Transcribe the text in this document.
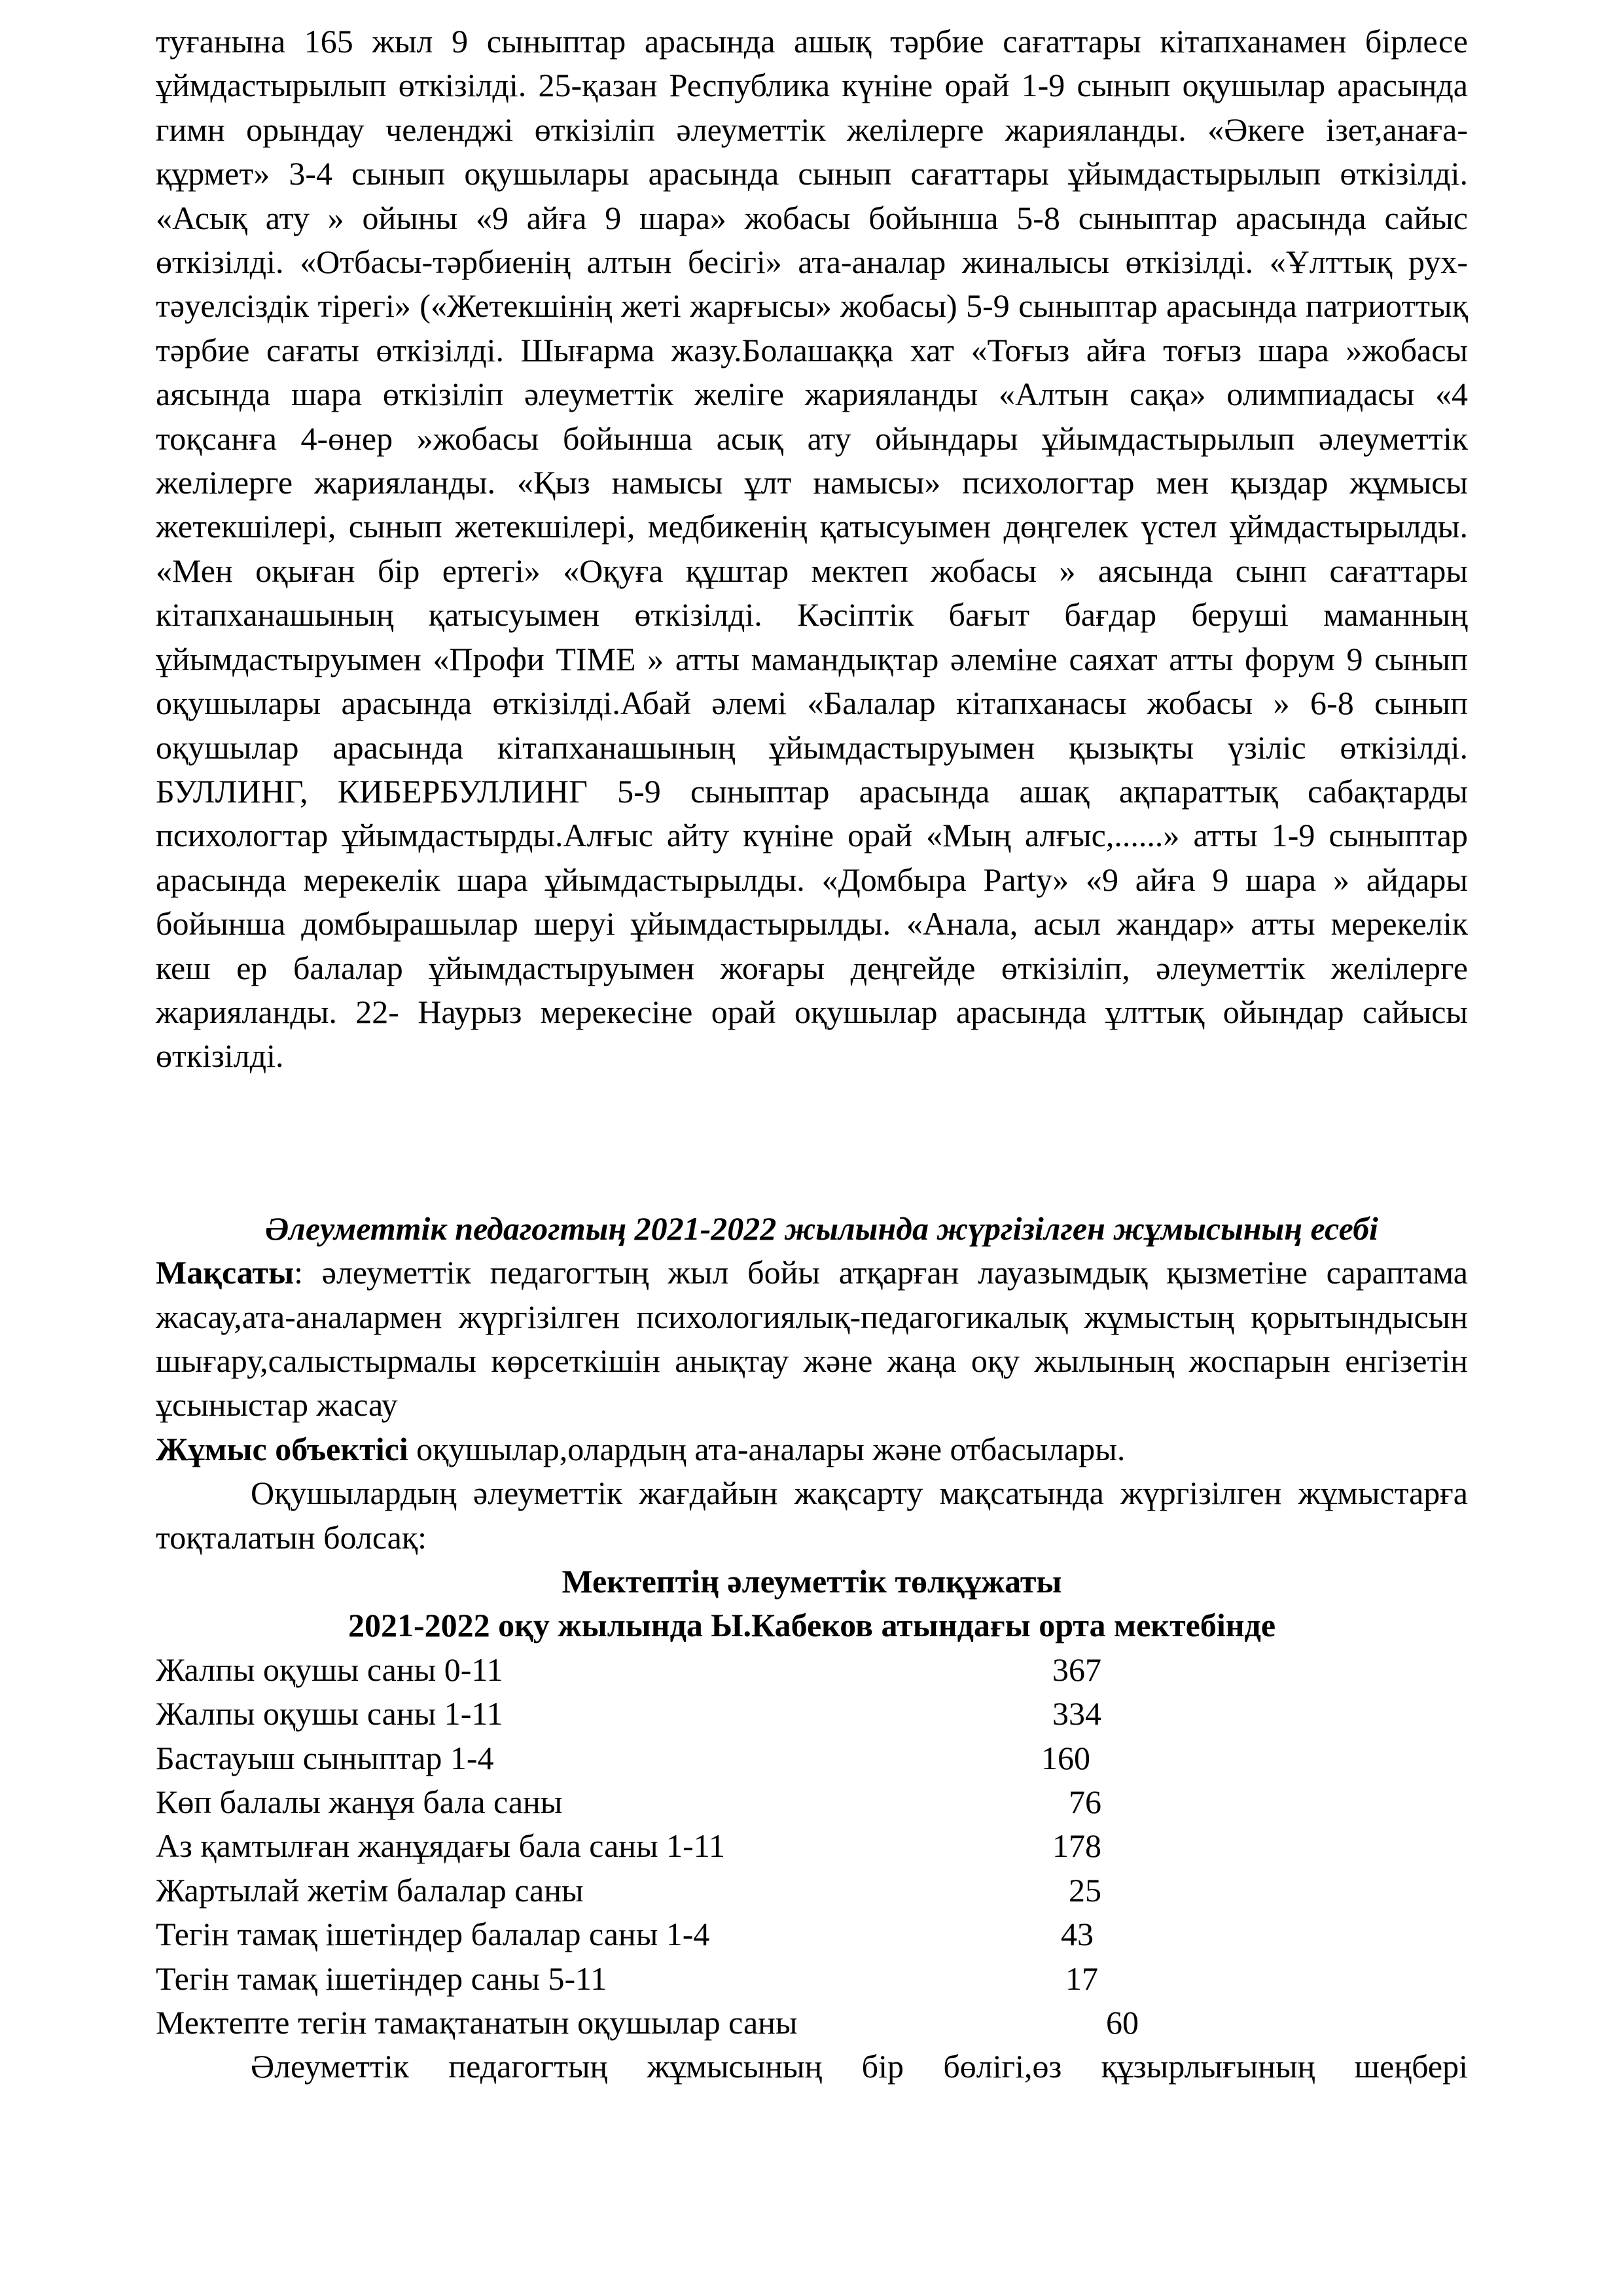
туғанына 165 жыл 9 сыныптар арасында ашық тәрбие сағаттары кітапханамен бірлесе ұймдастырылып өткізілді. 25-қазан Республика күніне орай 1-9 сынып оқушылар арасында гимн орындау челенджі өткізіліп әлеуметтік желілерге жарияланды. «Әкеге ізет,анаға-құрмет» 3-4 сынып оқушылары арасында сынып сағаттары ұйымдастырылып өткізілді. «Асық ату » ойыны «9 айға 9 шара» жобасы бойынша 5-8 сыныптар арасында сайыс өткізілді. «Отбасы-тәрбиенің алтын бесігі» ата-аналар жиналысы өткізілді. «Ұлттық рух-тәуелсіздік тірегі» («Жетекшінің жеті жарғысы» жобасы) 5-9 сыныптар арасында патриоттық тәрбие сағаты өткізілді. Шығарма жазу.Болашаққа хат «Тоғыз айға тоғыз шара »жобасы аясында шара өткізіліп әлеуметтік желіге жарияланды «Алтын сақа» олимпиадасы «4 тоқсанға 4-өнер »жобасы бойынша асық ату ойындары ұйымдастырылып әлеуметтік желілерге жарияланды. «Қыз намысы ұлт намысы» психологтар мен қыздар жұмысы жетекшілері, сынып жетекшілері, медбикенің қатысуымен дөңгелек үстел ұймдастырылды. «Мен оқыған бір ертегі» «Оқуға құштар мектеп жобасы » аясында сынп сағаттары кітапханашының қатысуымен өткізілді. Кәсіптік бағыт бағдар беруші маманның ұйымдастыруымен «Профи TIME » атты мамандықтар әлеміне саяхат атты форум 9 сынып оқушылары арасында өткізілді.Абай әлемі «Балалар кітапханасы жобасы » 6-8 сынып оқушылар арасында кітапханашының ұйымдастыруымен қызықты үзіліс өткізілді. БУЛЛИНГ, КИБЕРБУЛЛИНГ 5-9 сыныптар арасында ашақ ақпараттық сабақтарды психологтар ұйымдастырды.Алғыс айту күніне орай «Мың алғыс,......» атты 1-9 сыныптар арасында мерекелік шара ұйымдастырылды. «Домбыра Party» «9 айға 9 шара » айдары бойынша домбырашылар шеруі ұйымдастырылды. «Анала, асыл жандар» атты мерекелік кеш ер балалар ұйымдастыруымен жоғары деңгейде өткізіліп, әлеуметтік желілерге жарияланды. 22- Наурыз мерекесіне орай оқушылар арасында ұлттық ойындар сайысы өткізілді.

Әлеуметтік педагогтың 2021-2022 жылында жүргізілген жұмысының есебі

Мақсаты: әлеуметтік педагогтың жыл бойы атқарған лауазымдық қызметіне сараптама жасау,ата-аналармен жүргізілген психологиялық-педагогикалық жұмыстың қорытындысын шығару,салыстырмалы көрсеткішін анықтау және жаңа оқу жылының жоспарын енгізетін ұсыныстар жасау

Жұмыс объектісі оқушылар,олардың ата-аналары және отбасылары.

Оқушылардың әлеуметтік жағдайын жақсарту мақсатында жүргізілген жұмыстарға тоқталатын болсақ:

Мектептің әлеуметтік төлқұжаты

2021-2022 оқу жылында Ы.Кабеков атындағы орта мектебінде

Жалпы оқушы саны 0-11	367
Жалпы оқушы саны 1-11	334
Бастауыш сыныптар 1-4	160
Көп балалы жанұя бала саны	76
Аз қамтылған жанұядағы бала саны 1-11	178
Жартылай жетім балалар саны	25
Тегін тамақ ішетіндер балалар саны 1-4	43
Тегін тамақ ішетіндер саны 5-11	17
Мектепте тегін тамақтанатын оқушылар саны	60

Әлеуметтік педагогтың жұмысының бір бөлігі,өз құзырлығының шеңбері
